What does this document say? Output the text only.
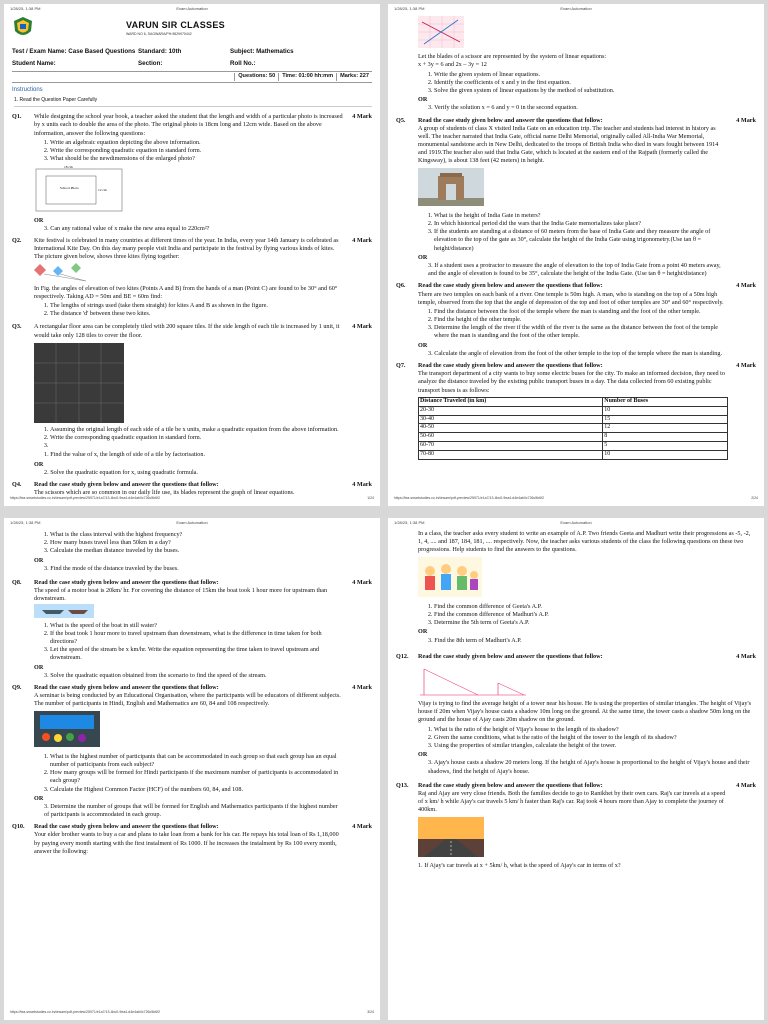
1/28/25, 1:38 PM	Exam Automation
VARUN SIR CLASSES
WARD NO 6, SAGWARA/PH:9829970442
Test / Exam Name: Case Based Questions Standard: 10th	Subject: Mathematics
Student Name:	Section:	Roll No.:
Questions: 50	Time: 01:00 hh:mm	Marks: 227
Instructions
1. Read the Question Paper Carefully
Q1.	While designing the school year book, a teacher asked the student that the length and width of a particular photo is increased by x units each to double the area of the photo. The original photo is 18cm long and 12cm wide. Based on the above information, answer the following questions:
1. Write an algebraic equation depicting the above information.
2. Write the corresponding quadratic equation in standard form.
3. What should be the newdimensions of the enlarged photo?
18 cm
12 cm
School Photo
OR
3. Can any rational value of x make the new area equal to 220cm²?
4 Mark
Q2.	Kite festival is celebrated in many countries at different times of the year. In India, every year 14th January is celebrated as International Kite Day. On this day many people visit India and participate in the festival by flying various kinds of kites.
The picture given below, shows three kites flying together:
In Fig. the angles of elevation of two kites (Points A and B) from the hands of a man (Point C) are found to be 30° and 60° respectively. Taking AD = 50m and BE = 60m find:
1. The lengths of strings used (take them straight) for kites A and B as shown in the figure.
2. The distance 'd' between these two kites.
4 Mark
Q3.	A rectangular floor area can be completely tiled with 200 square tiles. If the side length of each tile is increased by 1 unit, it would take only 128 tiles to cover the floor.
1. Assuming the original length of each side of a tile be x units, make a quadratic equation from the above information.
2. Write the corresponding quadratic equation in standard form.
3.
1. Find the value of x, the length of side of a tile by factorisation.
OR
2. Solve the quadratic equation for x, using quadratic formula.
4 Mark
Q4.	Read the case study given below and answer the questions that follow:
The scissors which are so common in our daily life use, its blades represent the graph of linear equations.
4 Mark
https://tea.smartstudies.co.in/dnsam/pdf-preview/25971/e1a7/13-4bc0-9ea4-d4e4ab0c726c5b6f2	1/24
1/28/25, 1:38 PM	Exam Automation
Let the blades of a scissor are represented by the system of linear equations:
x + 3y = 6 and 2x – 3y = 12
1. Write the given system of linear equations.
2. Identify the coefficients of x and y in the first equation.
3. Solve the given system of linear equations by the method of substitution.
OR
3. Verify the solution x = 6 and y = 0 in the second equation.
Q5.	Read the case study given below and answer the questions that follow:
A group of students of class X visited India Gate on an education trip. The teacher and students had interest in history as well. The teacher narrated that India Gate, official name Delhi Memorial, originally called All-India War Memorial, monumental sandstone arch in New Delhi, dedicated to the troops of British India who died in wars fought between 1914 and 1919.The teacher also said that India Gate, which is located at the eastern end of the Rajpath (formerly called the Kingsway), is about 138 feet (42 meters) in height.
1. What is the height of India Gate in meters?
2. In which historical period did the wars that the India Gate memorializes take place?
3. If the students are standing at a distance of 60 meters from the base of India Gate and they measure the angle of elevation to the top of the gate as 30°, calculate the height of the India Gate using trigonometry.(Use tan θ = height/distance)
OR
3. If a student uses a protractor to measure the angle of elevation to the top of India Gate from a point 40 meters away, and the angle of elevation is found to be 35°, calculate the height of the India Gate. (Use tan θ = height/distance)
4 Mark
Q6.	Read the case study given below and answer the questions that follow:
There are two temples on each bank of a river. One temple is 50m high. A man, who is standing on the top of a 50m high temple, observed from the top that the angle of depression of the top and foot of other temples are 30° and 60° respectively.
1. Find the distance between the foot of the temple where the man is standing and the foot of the other temple.
2. Find the height of the other temple.
3. Determine the length of the river if the width of the river is the same as the distance between the foot of the temple where the man is standing and the foot of the other temple.
OR
3. Calculate the angle of elevation from the foot of the other temple to the top of the temple where the man is standing.
4 Mark
Q7.	Read the case study given below and answer the questions that follow:
The transport department of a city wants to buy some electric buses for the city. To make an informed decision, they need to analyze the distance traveled by the existing public transport buses in a day. The data collected from 60 existing public transport buses is as follows:
Distance Traveled (in km)	Number of Buses
20-30	10
30-40	15
40-50	12
50-60	8
60-70	5
70-80	10
4 Mark
https://tea.smartstudies.co.in/dnsam/pdf-preview/25971/e1a7/13-4bc0-9ea4-d4e4ab0c726c5b6f2	2/24
1/28/25, 1:38 PM	Exam Automation
1. What is the class interval with the highest frequency?
2. How many buses travel less than 50km in a day?
3. Calculate the median distance traveled by the buses.
OR
3. Find the mode of the distance traveled by the buses.
Q8.	Read the case study given below and answer the questions that follow:
The speed of a motor boat is 20km/ hr. For covering the distance of 15km the boat took 1 hour more for upstream than downstream.
1. What is the speed of the boat in still water?
2. If the boat took 1 hour more to travel upstream than downstream, what is the difference in time taken for both directions?
3. Let the speed of the stream be x km/hr. Write the equation representing the time taken to travel upstream and downstream.
OR
3. Solve the quadratic equation obtained from the scenario to find the speed of the stream.
4 Mark
Q9.	Read the case study given below and answer the questions that follow:
A seminar is being conducted by an Educational Organisation, where the participants will be educators of different subjects. The number of participants in Hindi, English and Mathematics are 60, 84 and 108 respectively.
1. What is the highest number of participants that can be accommodated in each group so that each group has an equal number of participants from each subject?
2. How many groups will be formed for Hindi participants if the maximum number of participants is accommodated in each group?
3. Calculate the Highest Common Factor (HCF) of the numbers 60, 84, and 108.
OR
3. Determine the number of groups that will be formed for English and Mathematics participants if the highest number of participants is accommodated in each group.
4 Mark
Q10.	Read the case study given below and answer the questions that follow:
Your elder brother wants to buy a car and plans to take loan from a bank for his car. He repays his total loan of Rs 1,18,000 by paying every month starting with the first instalment of Rs 1000. If he increases the instalment by Rs 100 every month, answer the following:
4 Mark
https://tea.smartstudies.co.in/dnsam/pdf-preview/25971/e1a7/13-4bc0-9ea4-d4e4ab0c726c5b6f2	3/24
1/28/25, 1:38 PM	Exam Automation
In a class, the teacher asks every student to write an example of A.P. Two friends Geeta and Madhuri write their progressions as -5, -2, 1, 4, .... and 187, 184, 181, .... respectively. Now, the teacher asks various students of the class the following questions on these two progressions. Help students to find the answers to the questions.
1. Find the common difference of Geeta's A.P.
2. Find the common difference of Madhuri's A.P.
3. Determine the 5th term of Geeta's A.P.
OR
3. Find the 8th term of Madhuri's A.P.
Q12.	Read the case study given below and answer the questions that follow:	4 Mark
Vijay is trying to find the average height of a tower near his house. He is using the properties of similar triangles. The height of Vijay's house if 20m when Vijay's house casts a shadow 10m long on the ground. At the same time, the tower casts a shadow 50m long on the ground and the house of Ajay casts 20m shadow on the ground.
1. What is the ratio of the height of Vijay's house to the length of its shadow?
2. Given the same conditions, what is the ratio of the height of the tower to the length of its shadow?
3. Using the properties of similar triangles, calculate the height of the tower.
OR
3. Ajay's house casts a shadow 20 meters long. If the height of Ajay's house is proportional to the height of Vijay's house and their shadows, find the height of Ajay's house.
Q13.	Read the case study given below and answer the questions that follow:
Raj and Ajay are very close friends. Both the families decide to go to Ranikhet by their own cars. Raj's car travels at a speed of x km/ h while Ajay's car travels 5 km/ h faster than Raj's car. Raj took 4 hours more than Ajay to complete the journey of 400km.
1. If Ajay's car travels at x + 5km/ h, what is the speed of Ajay's car in terms of x?
4 Mark
